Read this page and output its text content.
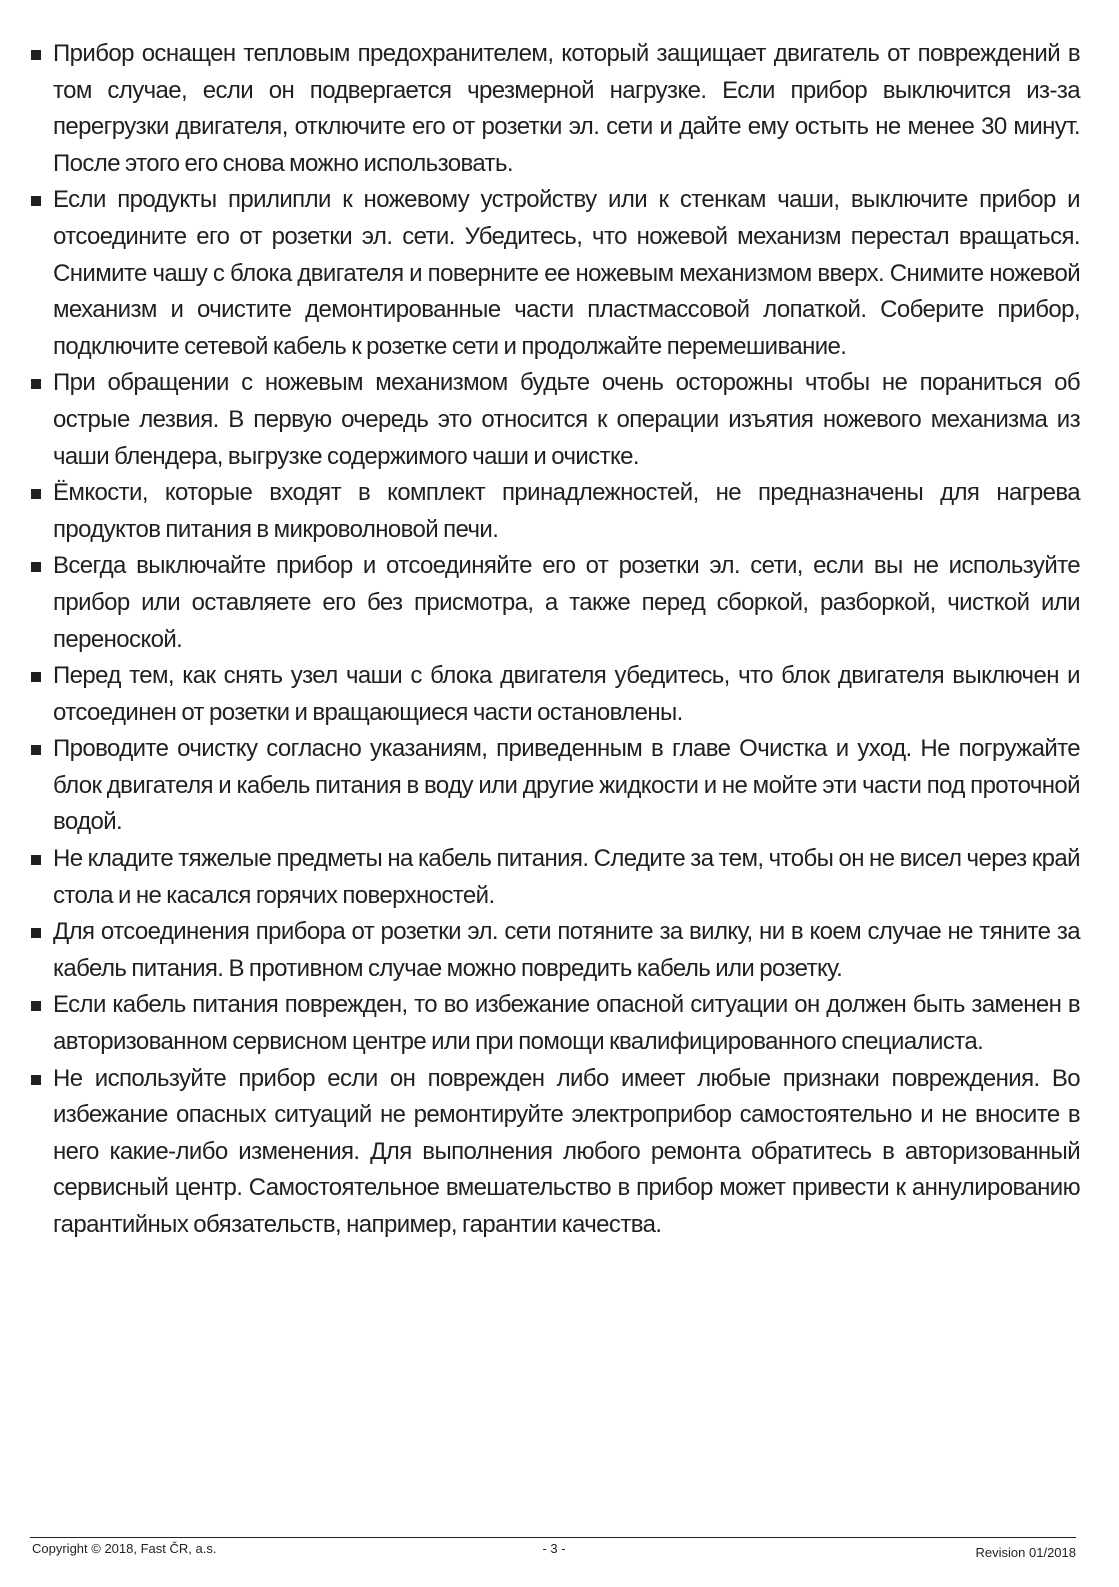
Прибор оснащен тепловым предохранителем, который защищает двигатель от повреждений в том случае, если он подвергается чрезмерной нагрузке. Если прибор выключится из-за перегрузки двигателя, отключите его от розетки эл. сети и дайте ему остыть не менее 30 минут. После этого его снова можно использовать.
Если продукты прилипли к ножевому устройству или к стенкам чаши, выключите прибор и отсоедините его от розетки эл. сети. Убедитесь, что ножевой механизм перестал вращаться. Снимите чашу с блока двигателя и поверните ее ножевым механизмом вверх. Снимите ножевой механизм и очистите демонтированные части пластмассовой лопаткой. Соберите прибор, подключите сетевой кабель к розетке сети и продолжайте перемешивание.
При обращении с ножевым механизмом будьте очень осторожны чтобы не пораниться об острые лезвия. В первую очередь это относится к операции изъятия ножевого механизма из чаши блендера, выгрузке содержимого чаши и очистке.
Ёмкости, которые входят в комплект принадлежностей, не предназначены для нагрева продуктов питания в микроволновой печи.
Всегда выключайте прибор и отсоединяйте его от розетки эл. сети, если вы не используйте прибор или оставляете его без присмотра, а также перед сборкой, разборкой, чисткой или переноской.
Перед тем, как снять узел чаши с блока двигателя убедитесь, что блок двигателя выключен и отсоединен от розетки и вращающиеся части остановлены.
Проводите очистку согласно указаниям, приведенным в главе Очистка и уход. Не погружайте блок двигателя и кабель питания в воду или другие жидкости и не мойте эти части под проточной водой.
Не кладите тяжелые предметы на кабель питания. Следите за тем, чтобы он не висел через край стола и не касался горячих поверхностей.
Для отсоединения прибора от розетки эл. сети потяните за вилку, ни в коем случае не тяните за кабель питания. В противном случае можно повредить кабель или розетку.
Если кабель питания поврежден, то во избежание опасной ситуации он должен быть заменен в авторизованном сервисном центре или при помощи квалифицированного специалиста.
Не используйте прибор если он поврежден либо имеет любые признаки повреждения. Во избежание опасных ситуаций не ремонтируйте электроприбор самостоятельно и не вносите в него какие-либо изменения. Для выполнения любого ремонта обратитесь в авторизованный сервисный центр. Самостоятельное вмешательство в прибор может привести к аннулированию гарантийных обязательств, например, гарантии качества.
Copyright © 2018, Fast ČR, a.s.	- 3 -	Revision 01/2018
